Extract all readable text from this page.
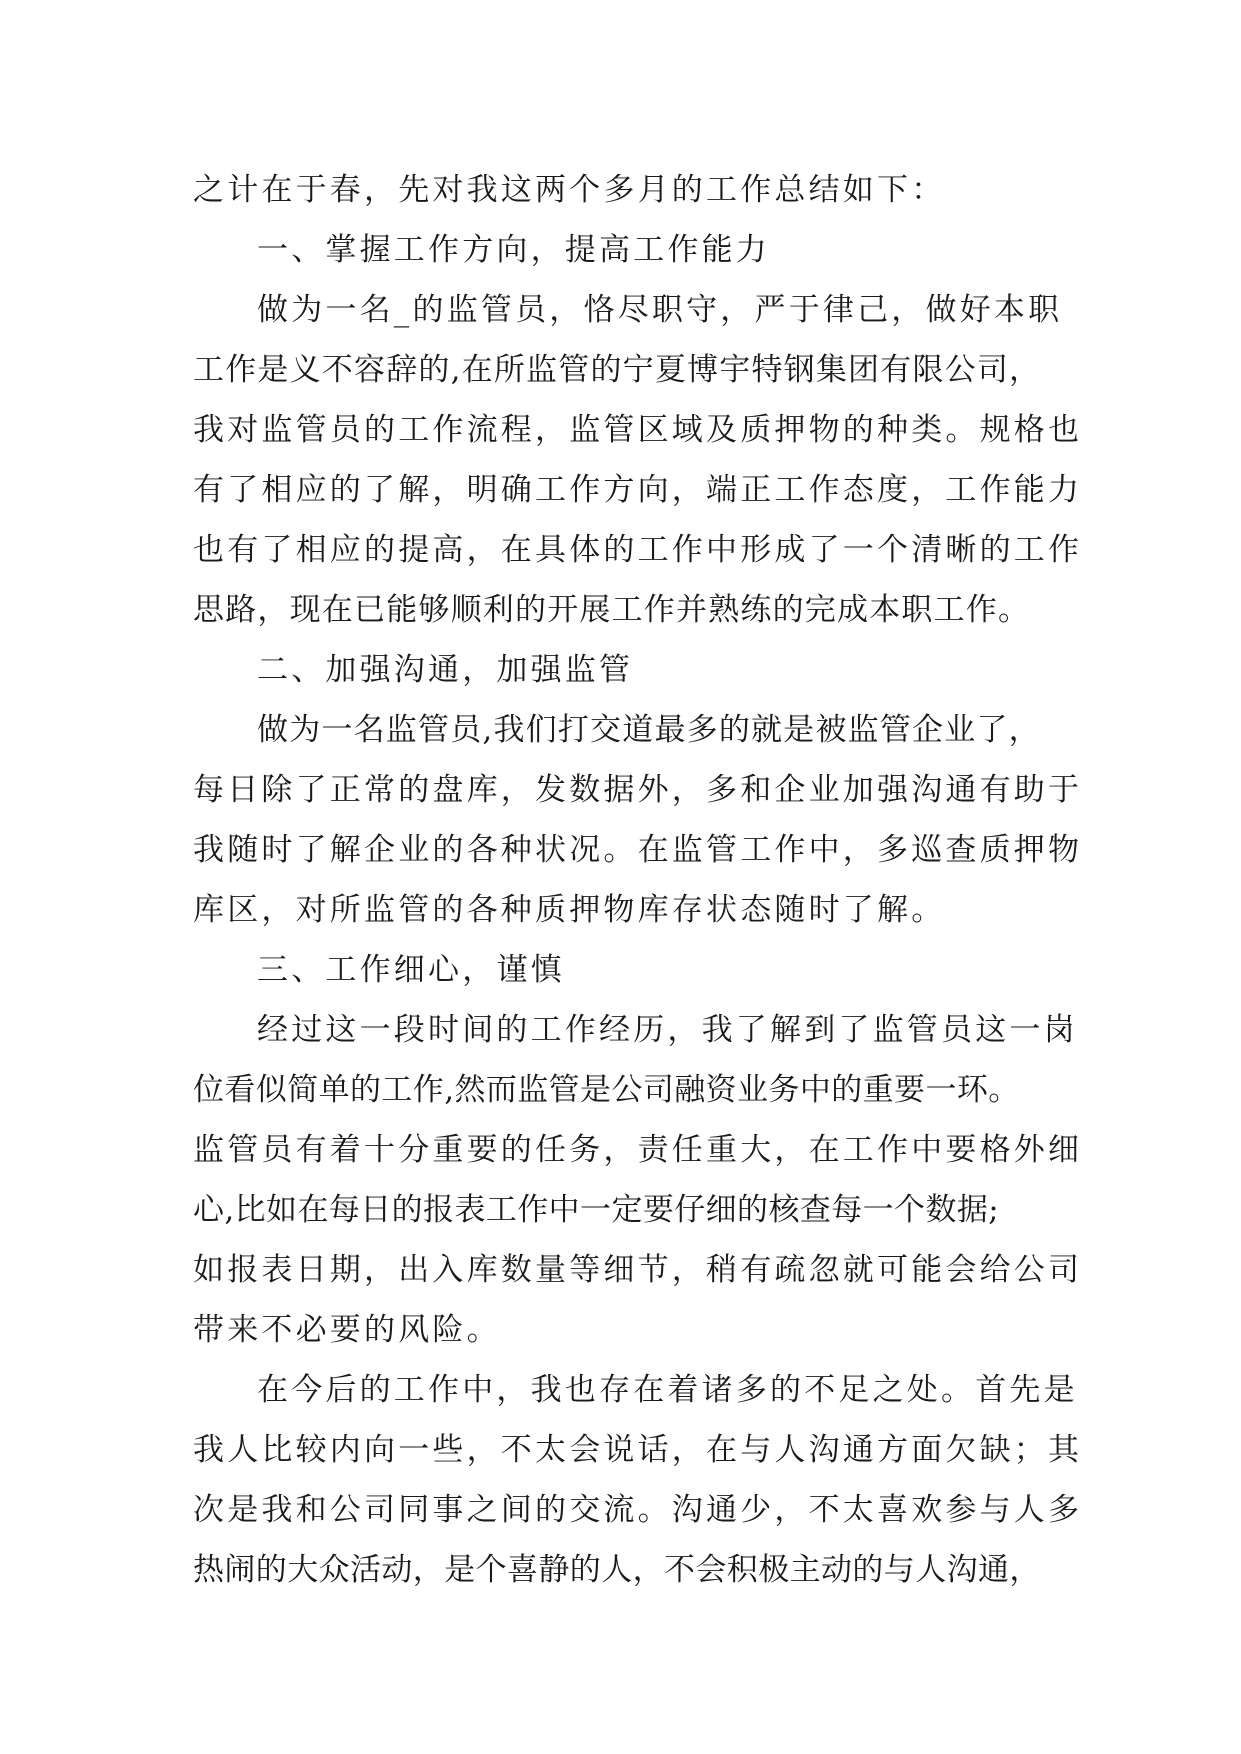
之计在于春，先对我这两个多月的工作总结如下：
一、掌握工作方向，提高工作能力
做为一名_的监管员，恪尽职守，严于律己，做好本职
工作是义不容辞的,在所监管的宁夏博宇特钢集团有限公司，
我对监管员的工作流程，监管区域及质押物的种类。规格也
有了相应的了解，明确工作方向，端正工作态度，工作能力
也有了相应的提高，在具体的工作中形成了一个清晰的工作
思路，现在已能够顺利的开展工作并熟练的完成本职工作。
二、加强沟通，加强监管
做为一名监管员,我们打交道最多的就是被监管企业了，
每日除了正常的盘库，发数据外，多和企业加强沟通有助于
我随时了解企业的各种状况。在监管工作中，多巡查质押物
库区，对所监管的各种质押物库存状态随时了解。
三、工作细心，谨慎
经过这一段时间的工作经历，我了解到了监管员这一岗
位看似简单的工作,然而监管是公司融资业务中的重要一环。
监管员有着十分重要的任务，责任重大，在工作中要格外细
心,比如在每日的报表工作中一定要仔细的核查每一个数据;
如报表日期，出入库数量等细节，稍有疏忽就可能会给公司
带来不必要的风险。
在今后的工作中，我也存在着诸多的不足之处。首先是
我人比较内向一些，不太会说话，在与人沟通方面欠缺；其
次是我和公司同事之间的交流。沟通少，不太喜欢参与人多
热闹的大众活动，是个喜静的人，不会积极主动的与人沟通，
